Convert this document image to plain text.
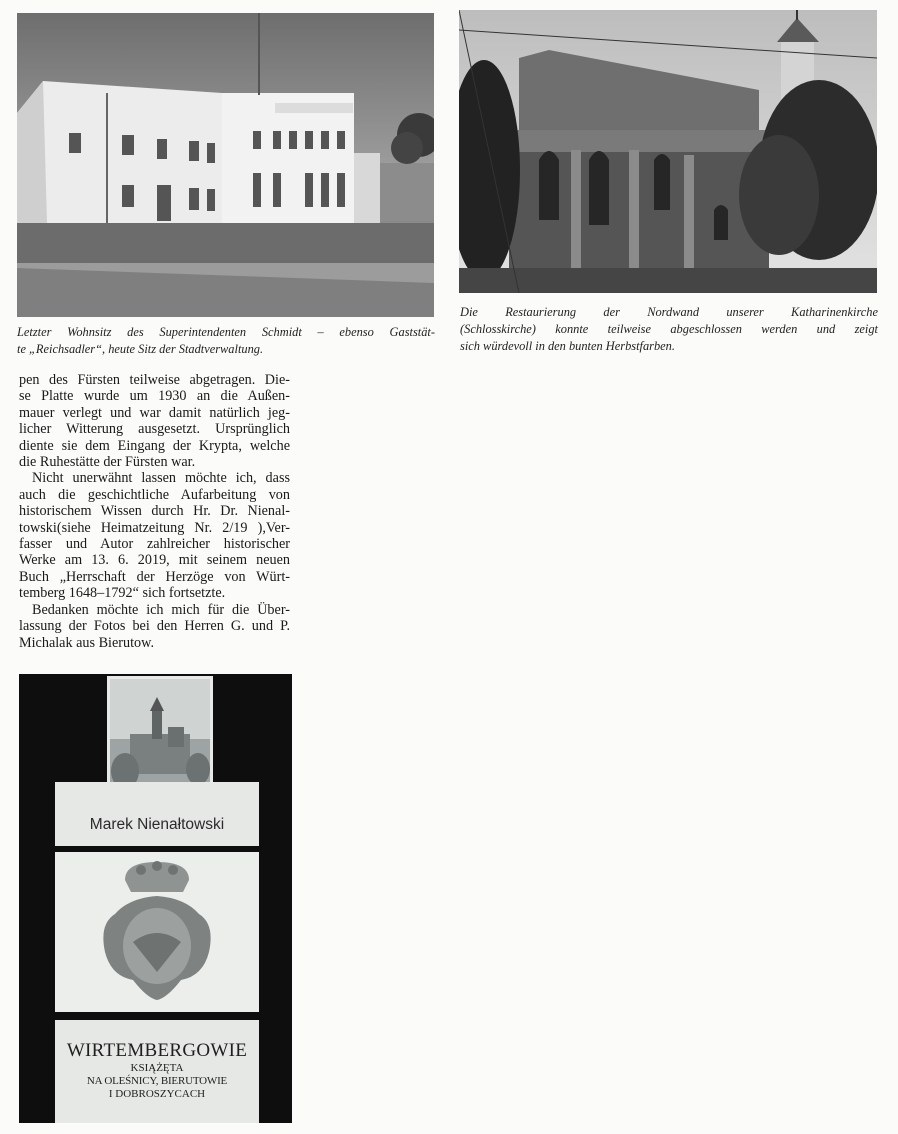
Letzter Wohnsitz des Superintendenten Schmidt – ebenso Gaststät-
te „Reichsadler“, heute Sitz der Stadtverwaltung.

Die Restaurierung der Nordwand unserer Katharinenkirche
(Schlosskirche) konnte teilweise abgeschlossen werden und zeigt
sich würdevoll in den bunten Herbstfarben.

pen des Fürsten teilweise abgetragen. Die-
se Platte wurde um 1930 an die Außen-
mauer verlegt und war damit natürlich jeg-
licher Witterung ausgesetzt. Ursprünglich
diente sie dem Eingang der Krypta, welche
die Ruhestätte der Fürsten war.
Nicht unerwähnt lassen möchte ich, dass
auch die geschichtliche Aufarbeitung von
historischem Wissen durch Hr. Dr. Nienal-
towski(siehe Heimatzeitung Nr. 2/19 ),Ver-
fasser und Autor zahlreicher historischer
Werke am 13. 6. 2019, mit seinem neuen
Buch „Herrschaft der Herzöge von Würt-
temberg 1648–1792“ sich fortsetzte.
Bedanken möchte ich mich für die Über-
lassung der Fotos bei den Herren G. und P.
Michalak aus Bierutow.
Marek Nienałtowski
WIRTEMBERGOWIE
KSIĄŻĘTA
NA OLEŚNICY, BIERUTOWIE
I DOBROSZYCACH
